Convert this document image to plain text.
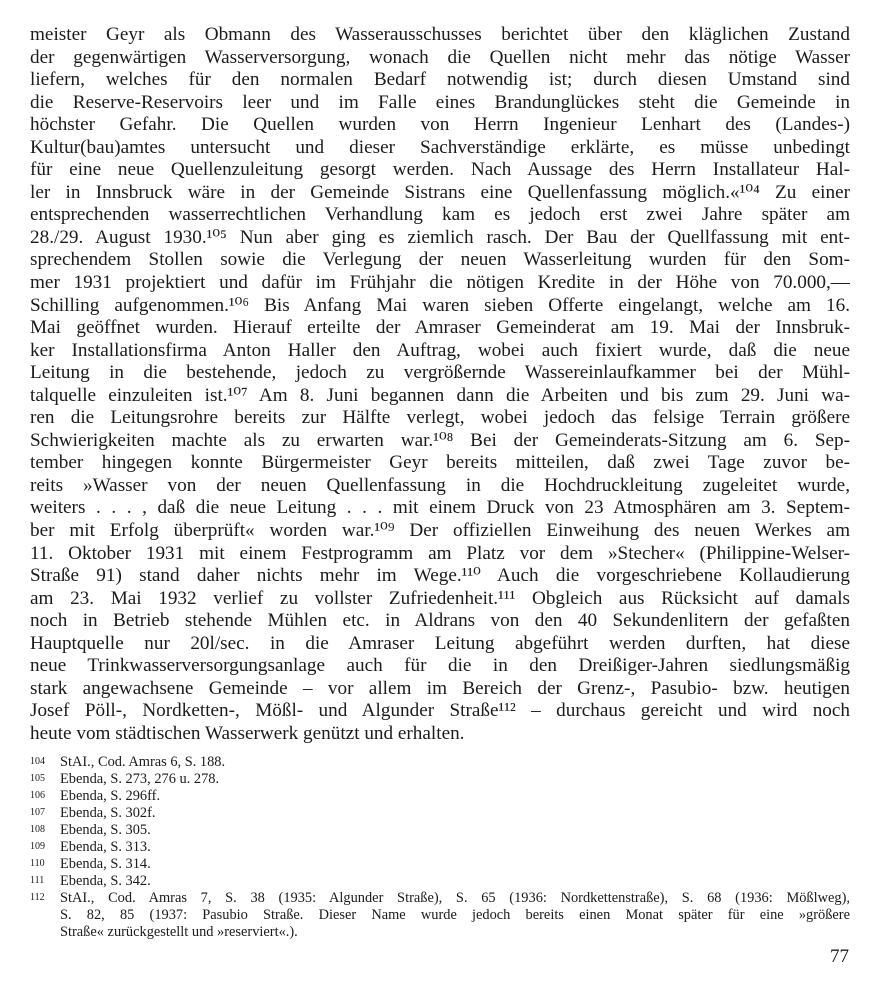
meister Geyr als Obmann des Wasserausschusses berichtet über den kläglichen Zustand
der gegenwärtigen Wasserversorgung, wonach die Quellen nicht mehr das nötige Wasser
liefern, welches für den normalen Bedarf notwendig ist; durch diesen Umstand sind
die Reserve-Reservoirs leer und im Falle eines Brandunglückes steht die Gemeinde in
höchster Gefahr. Die Quellen wurden von Herrn Ingenieur Lenhart des (Landes-)
Kultur(bau)amtes untersucht und dieser Sachverständige erklärte, es müsse unbedingt
für eine neue Quellenzuleitung gesorgt werden. Nach Aussage des Herrn Installateur Hal-
ler in Innsbruck wäre in der Gemeinde Sistrans eine Quellenfassung möglich.«¹⁰⁴ Zu einer
entsprechenden wasserrechtlichen Verhandlung kam es jedoch erst zwei Jahre später am
28./29. August 1930.¹⁰⁵ Nun aber ging es ziemlich rasch. Der Bau der Quellfassung mit ent-
sprechendem Stollen sowie die Verlegung der neuen Wasserleitung wurden für den Som-
mer 1931 projektiert und dafür im Frühjahr die nötigen Kredite in der Höhe von 70.000,—
Schilling aufgenommen.¹⁰⁶ Bis Anfang Mai waren sieben Offerte eingelangt, welche am 16.
Mai geöffnet wurden. Hierauf erteilte der Amraser Gemeinderat am 19. Mai der Innsbruk-
ker Installationsfirma Anton Haller den Auftrag, wobei auch fixiert wurde, daß die neue
Leitung in die bestehende, jedoch zu vergrößernde Wassereinlaufkammer bei der Mühl-
talquelle einzuleiten ist.¹⁰⁷ Am 8. Juni begannen dann die Arbeiten und bis zum 29. Juni wa-
ren die Leitungsrohre bereits zur Hälfte verlegt, wobei jedoch das felsige Terrain größere
Schwierigkeiten machte als zu erwarten war.¹⁰⁸ Bei der Gemeinderats-Sitzung am 6. Sep-
tember hingegen konnte Bürgermeister Geyr bereits mitteilen, daß zwei Tage zuvor be-
reits »Wasser von der neuen Quellenfassung in die Hochdruckleitung zugeleitet wurde,
weiters . . . , daß die neue Leitung . . . mit einem Druck von 23 Atmosphären am 3. Septem-
ber mit Erfolg überprüft« worden war.¹⁰⁹ Der offiziellen Einweihung des neuen Werkes am
11. Oktober 1931 mit einem Festprogramm am Platz vor dem »Stecher« (Philippine-Welser-
Straße 91) stand daher nichts mehr im Wege.¹¹⁰ Auch die vorgeschriebene Kollaudierung
am 23. Mai 1932 verlief zu vollster Zufriedenheit.¹¹¹ Obgleich aus Rücksicht auf damals
noch in Betrieb stehende Mühlen etc. in Aldrans von den 40 Sekundenlitern der gefaßten
Hauptquelle nur 20l/sec. in die Amraser Leitung abgeführt werden durften, hat diese
neue Trinkwasserversorgungsanlage auch für die in den Dreißiger-Jahren siedlungsmäßig
stark angewachsene Gemeinde – vor allem im Bereich der Grenz-, Pasubio- bzw. heutigen
Josef Pöll-, Nordketten-, Mößl- und Algunder Straße¹¹² – durchaus gereicht und wird noch
heute vom städtischen Wasserwerk genützt und erhalten.
104 StAI., Cod. Amras 6, S. 188.
105 Ebenda, S. 273, 276 u. 278.
106 Ebenda, S. 296ff.
107 Ebenda, S. 302f.
108 Ebenda, S. 305.
109 Ebenda, S. 313.
110 Ebenda, S. 314.
111 Ebenda, S. 342.
112 StAI., Cod. Amras 7, S. 38 (1935: Algunder Straße), S. 65 (1936: Nordkettenstraße), S. 68 (1936: Mößlweg),
S. 82, 85 (1937: Pasubio Straße. Dieser Name wurde jedoch bereits einen Monat später für eine »größere
Straße« zurückgestellt und »reserviert«.).
77
